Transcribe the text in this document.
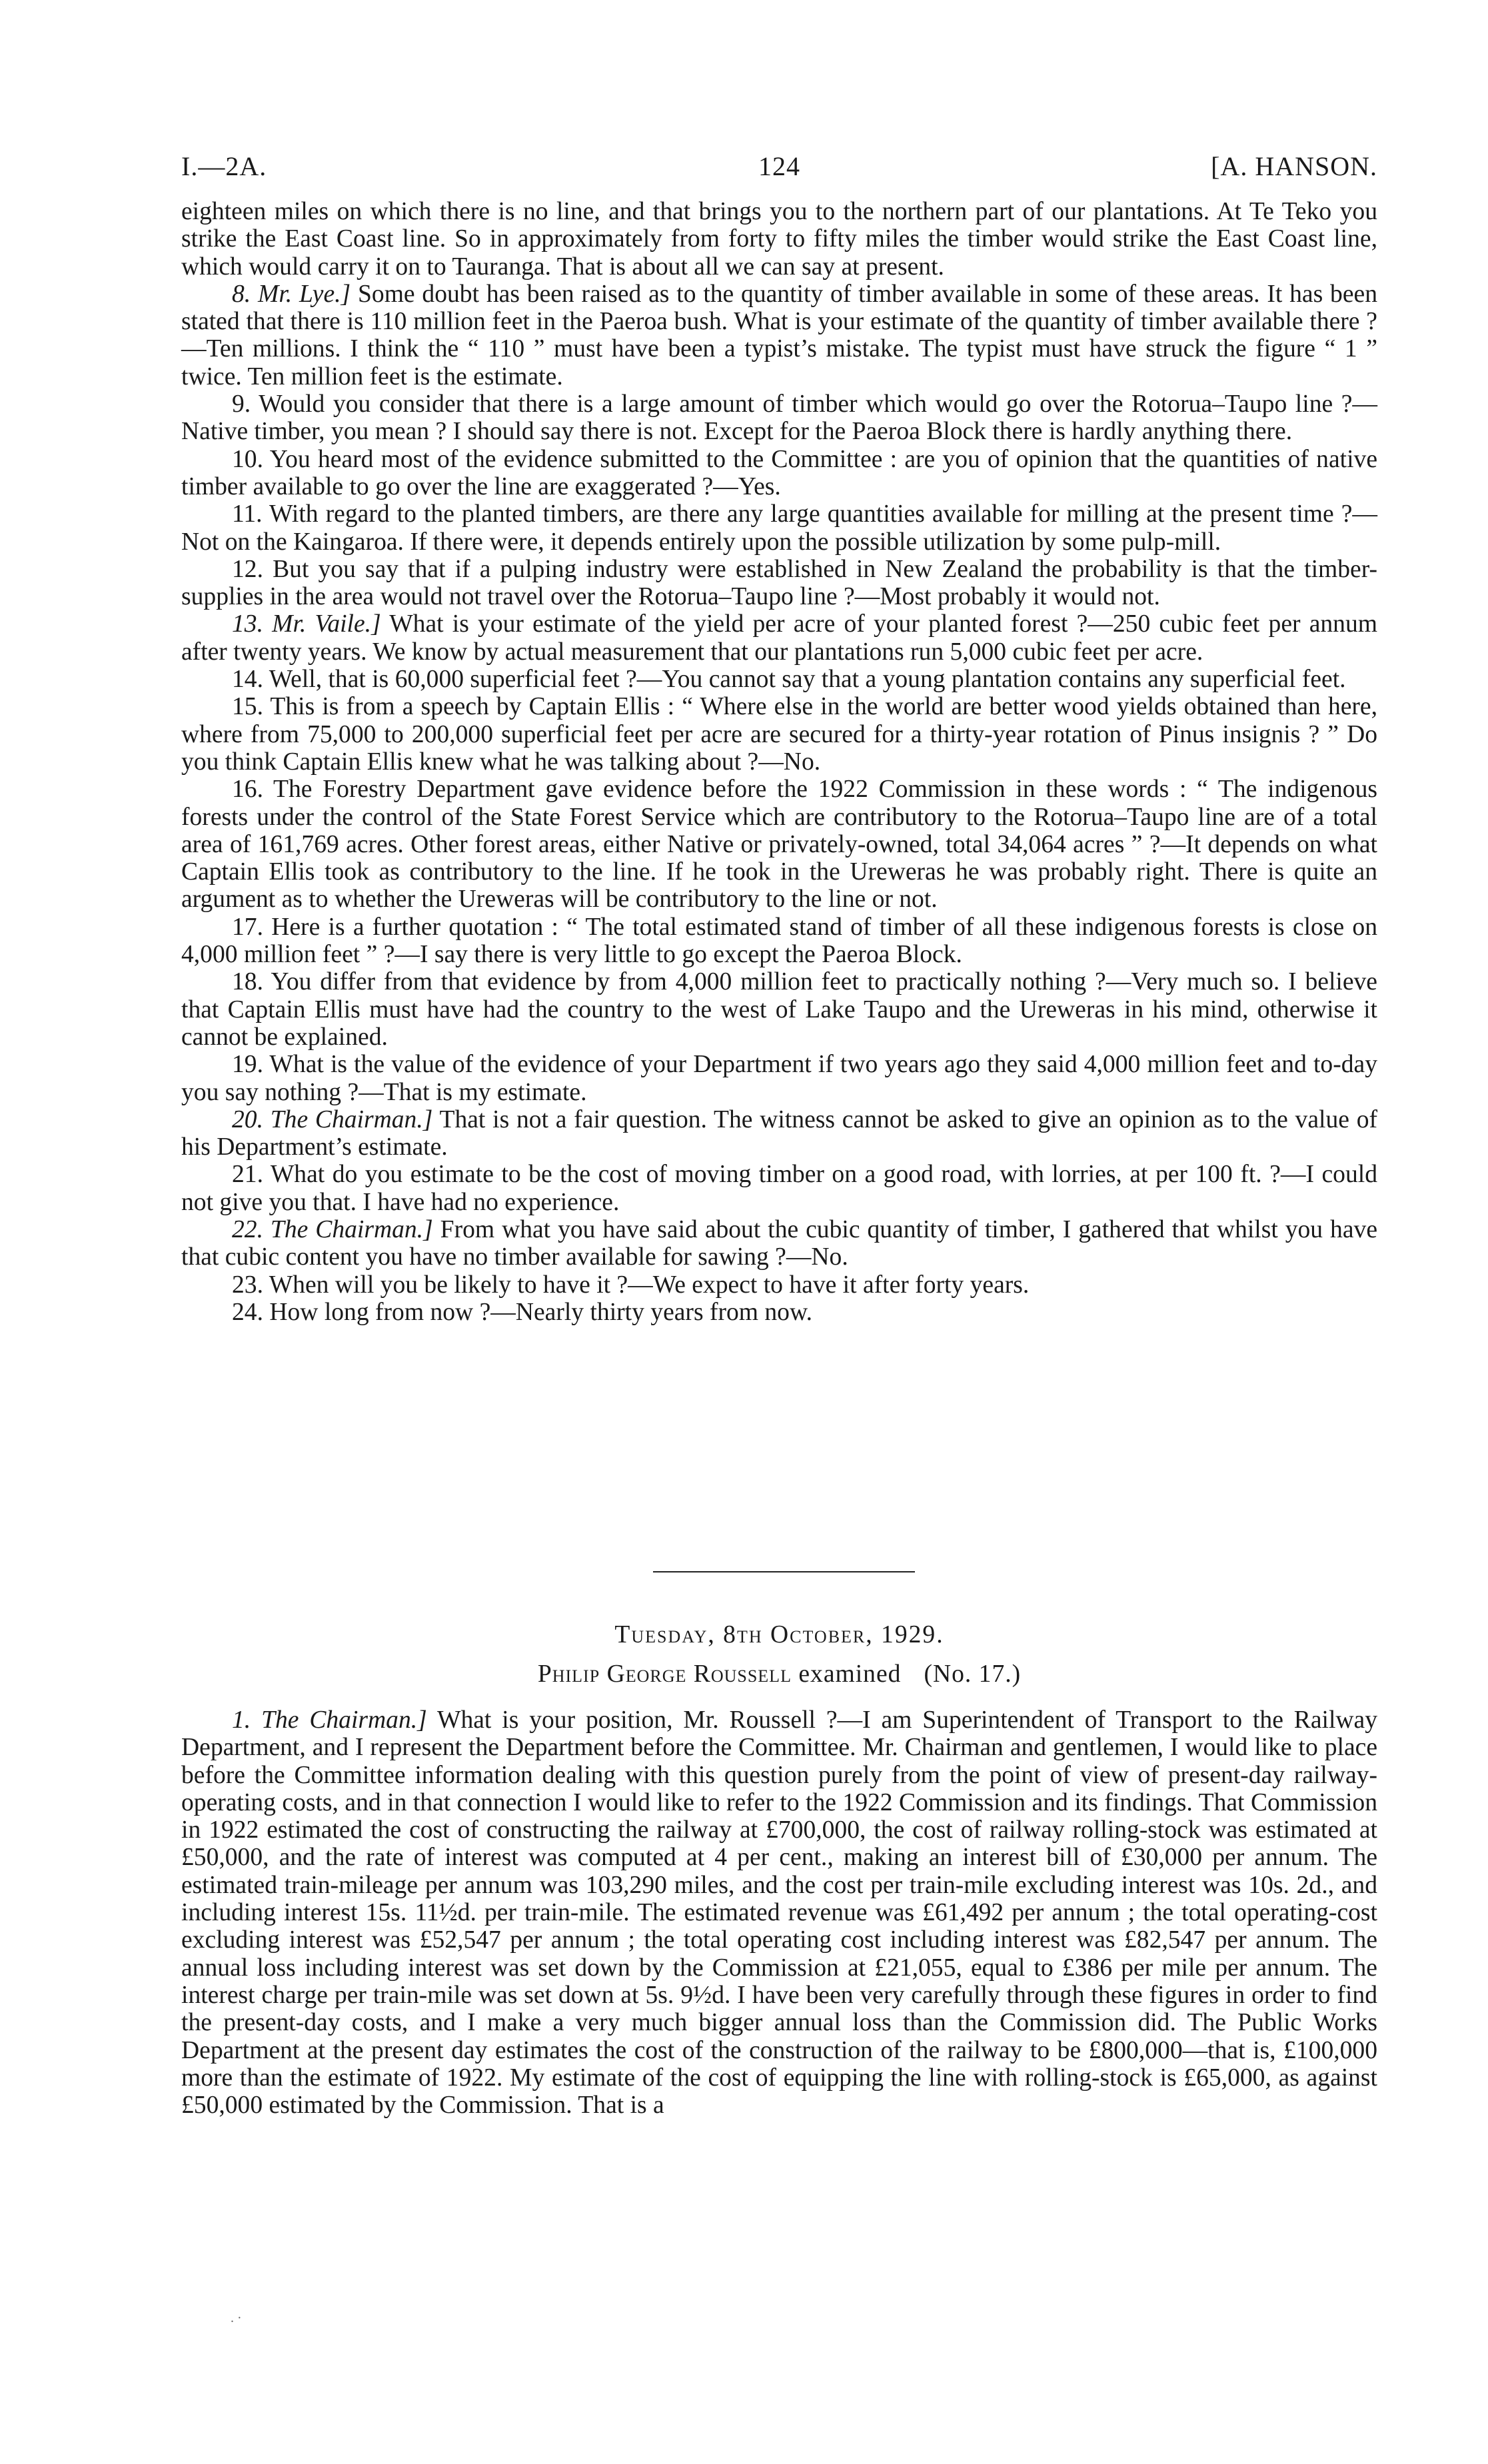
I.—2A.	124	[A. HANSON.

eighteen miles on which there is no line, and that brings you to the northern part of our plantations. At Te Teko you strike the East Coast line. So in approximately from forty to fifty miles the timber would strike the East Coast line, which would carry it on to Tauranga. That is about all we can say at present.

8. Mr. Lye.] Some doubt has been raised as to the quantity of timber available in some of these areas. It has been stated that there is 110 million feet in the Paeroa bush. What is your estimate of the quantity of timber available there ?—Ten millions. I think the “ 110 ” must have been a typist’s mistake. The typist must have struck the figure “ 1 ” twice. Ten million feet is the estimate.

9. Would you consider that there is a large amount of timber which would go over the Rotorua–Taupo line ?—Native timber, you mean ? I should say there is not. Except for the Paeroa Block there is hardly anything there.

10. You heard most of the evidence submitted to the Committee : are you of opinion that the quantities of native timber available to go over the line are exaggerated ?—Yes.

11. With regard to the planted timbers, are there any large quantities available for milling at the present time ?—Not on the Kaingaroa. If there were, it depends entirely upon the possible utilization by some pulp-mill.

12. But you say that if a pulping industry were established in New Zealand the probability is that the timber-supplies in the area would not travel over the Rotorua–Taupo line ?—Most probably it would not.

13. Mr. Vaile.] What is your estimate of the yield per acre of your planted forest ?—250 cubic feet per annum after twenty years. We know by actual measurement that our plantations run 5,000 cubic feet per acre.

14. Well, that is 60,000 superficial feet ?—You cannot say that a young plantation contains any superficial feet.

15. This is from a speech by Captain Ellis : “ Where else in the world are better wood yields obtained than here, where from 75,000 to 200,000 superficial feet per acre are secured for a thirty-year rotation of Pinus insignis ? ” Do you think Captain Ellis knew what he was talking about ?—No.

16. The Forestry Department gave evidence before the 1922 Commission in these words : “ The indigenous forests under the control of the State Forest Service which are contributory to the Rotorua–Taupo line are of a total area of 161,769 acres. Other forest areas, either Native or privately-owned, total 34,064 acres ” ?—It depends on what Captain Ellis took as contributory to the line. If he took in the Ureweras he was probably right. There is quite an argument as to whether the Ureweras will be contributory to the line or not.

17. Here is a further quotation : “ The total estimated stand of timber of all these indigenous forests is close on 4,000 million feet ” ?—I say there is very little to go except the Paeroa Block.

18. You differ from that evidence by from 4,000 million feet to practically nothing ?—Very much so. I believe that Captain Ellis must have had the country to the west of Lake Taupo and the Ureweras in his mind, otherwise it cannot be explained.

19. What is the value of the evidence of your Department if two years ago they said 4,000 million feet and to-day you say nothing ?—That is my estimate.

20. The Chairman.] That is not a fair question. The witness cannot be asked to give an opinion as to the value of his Department’s estimate.

21. What do you estimate to be the cost of moving timber on a good road, with lorries, at per 100 ft. ?—I could not give you that. I have had no experience.

22. The Chairman.] From what you have said about the cubic quantity of timber, I gathered that whilst you have that cubic content you have no timber available for sawing ?—No.

23. When will you be likely to have it ?—We expect to have it after forty years.

24. How long from now ?—Nearly thirty years from now.

Tuesday, 8th October, 1929.
Philip George Roussell examined (No. 17.)

1. The Chairman.] What is your position, Mr. Roussell ?—I am Superintendent of Transport to the Railway Department, and I represent the Department before the Committee. Mr. Chairman and gentlemen, I would like to place before the Committee information dealing with this question purely from the point of view of present-day railway-operating costs, and in that connection I would like to refer to the 1922 Commission and its findings. That Commission in 1922 estimated the cost of constructing the railway at £700,000, the cost of railway rolling-stock was estimated at £50,000, and the rate of interest was computed at 4 per cent., making an interest bill of £30,000 per annum. The estimated train-mileage per annum was 103,290 miles, and the cost per train-mile excluding interest was 10s. 2d., and including interest 15s. 11½d. per train-mile. The estimated revenue was £61,492 per annum ; the total operating-cost excluding interest was £52,547 per annum ; the total operating cost including interest was £82,547 per annum. The annual loss including interest was set down by the Commission at £21,055, equal to £386 per mile per annum. The interest charge per train-mile was set down at 5s. 9½d. I have been very carefully through these figures in order to find the present-day costs, and I make a very much bigger annual loss than the Commission did. The Public Works Department at the present day estimates the cost of the construction of the railway to be £800,000—that is, £100,000 more than the estimate of 1922. My estimate of the cost of equipping the line with rolling-stock is £65,000, as against £50,000 estimated by the Commission. That is a

. ·
